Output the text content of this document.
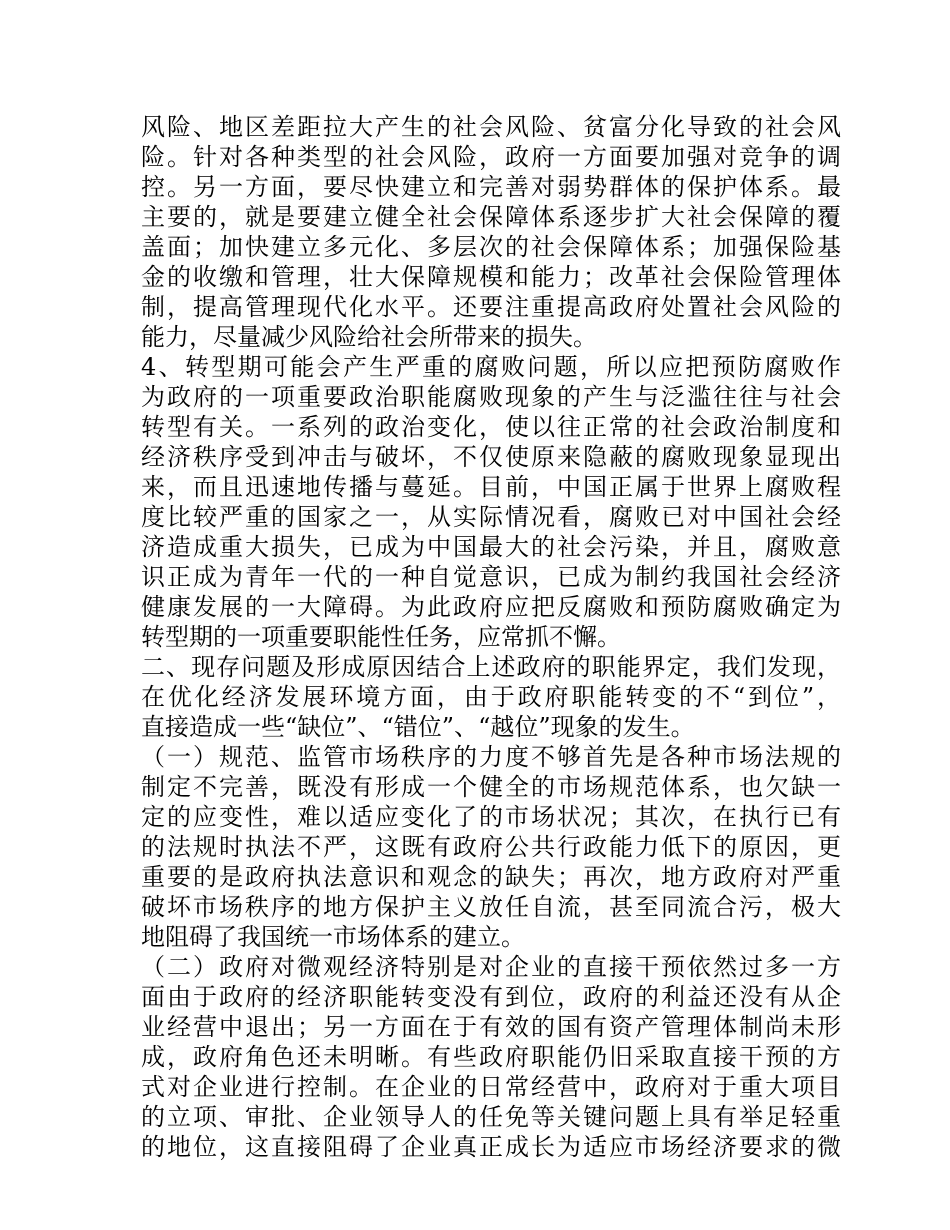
风险、地区差距拉大产生的社会风险、贫富分化导致的社会风
险。针对各种类型的社会风险，政府一方面要加强对竞争的调
控。另一方面，要尽快建立和完善对弱势群体的保护体系。最
主要的，就是要建立健全社会保障体系逐步扩大社会保障的覆
盖面；加快建立多元化、多层次的社会保障体系；加强保险基
金的收缴和管理，壮大保障规模和能力；改革社会保险管理体
制，提高管理现代化水平。还要注重提高政府处置社会风险的
能力，尽量减少风险给社会所带来的损失。
4、转型期可能会产生严重的腐败问题，所以应把预防腐败作
为政府的一项重要政治职能腐败现象的产生与泛滥往往与社会
转型有关。一系列的政治变化，使以往正常的社会政治制度和
经济秩序受到冲击与破坏，不仅使原来隐蔽的腐败现象显现出
来，而且迅速地传播与蔓延。目前，中国正属于世界上腐败程
度比较严重的国家之一，从实际情况看，腐败已对中国社会经
济造成重大损失，已成为中国最大的社会污染，并且，腐败意
识正成为青年一代的一种自觉意识，已成为制约我国社会经济
健康发展的一大障碍。为此政府应把反腐败和预防腐败确定为
转型期的一项重要职能性任务，应常抓不懈。
二、现存问题及形成原因结合上述政府的职能界定，我们发现，
在优化经济发展环境方面，由于政府职能转变的不“到位”，
直接造成一些“缺位”、“错位”、“越位”现象的发生。
（一）规范、监管市场秩序的力度不够首先是各种市场法规的
制定不完善，既没有形成一个健全的市场规范体系，也欠缺一
定的应变性，难以适应变化了的市场状况；其次，在执行已有
的法规时执法不严，这既有政府公共行政能力低下的原因，更
重要的是政府执法意识和观念的缺失；再次，地方政府对严重
破坏市场秩序的地方保护主义放任自流，甚至同流合污，极大
地阻碍了我国统一市场体系的建立。
（二）政府对微观经济特别是对企业的直接干预依然过多一方
面由于政府的经济职能转变没有到位，政府的利益还没有从企
业经营中退出；另一方面在于有效的国有资产管理体制尚未形
成，政府角色还未明晰。有些政府职能仍旧采取直接干预的方
式对企业进行控制。在企业的日常经营中，政府对于重大项目
的立项、审批、企业领导人的任免等关键问题上具有举足轻重
的地位，这直接阻碍了企业真正成长为适应市场经济要求的微
